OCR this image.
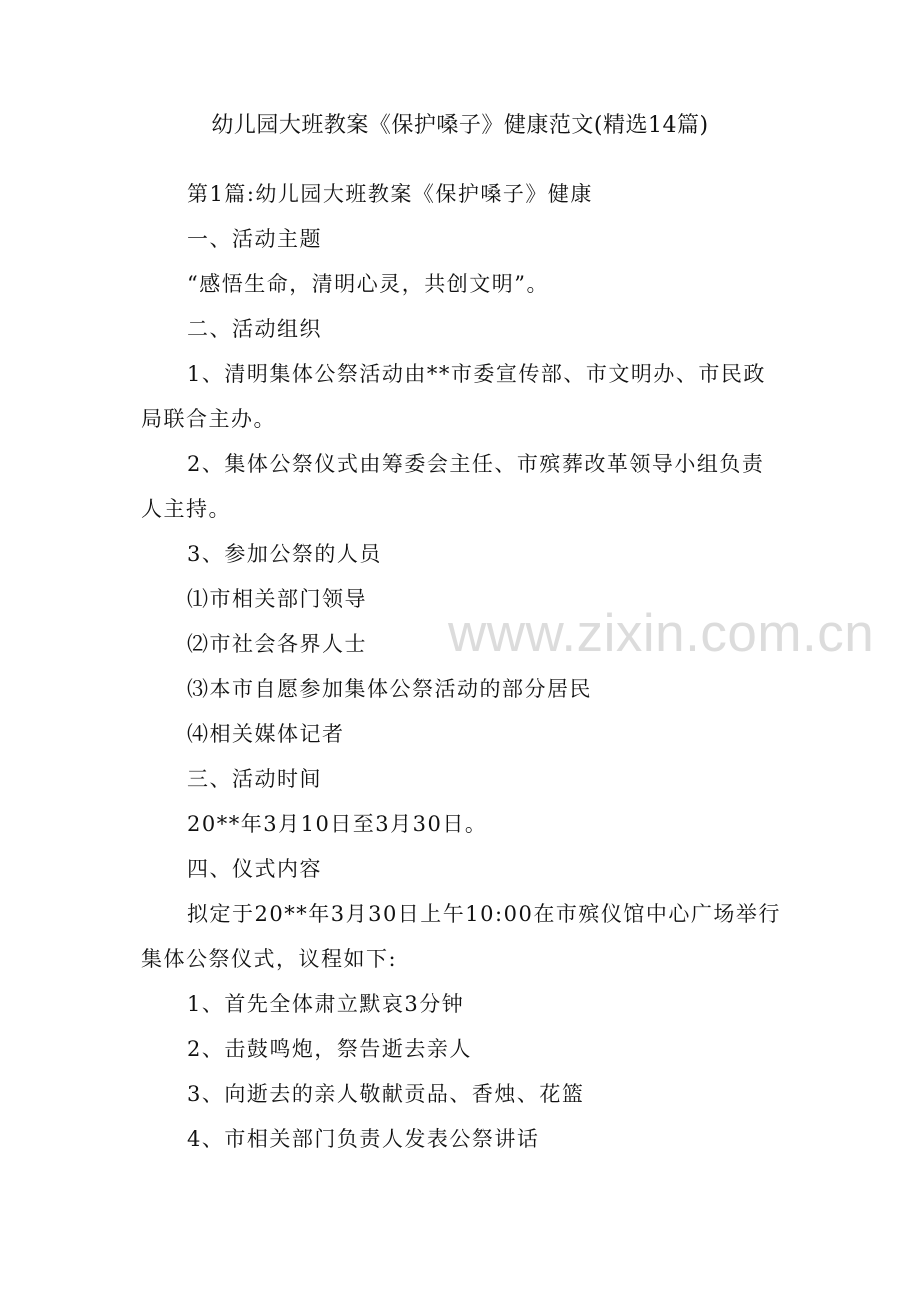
幼儿园大班教案《保护嗓子》健康范文(精选14篇)

第1篇:幼儿园大班教案《保护嗓子》健康

一、活动主题

“感悟生命，清明心灵，共创文明”。

二、活动组织

1、清明集体公祭活动由**市委宣传部、市文明办、市民政局联合主办。

2、集体公祭仪式由筹委会主任、市殡葬改革领导小组负责人主持。

3、参加公祭的人员

⑴市相关部门领导

⑵市社会各界人士

⑶本市自愿参加集体公祭活动的部分居民

⑷相关媒体记者

三、活动时间

20**年3月10日至3月30日。

四、仪式内容

拟定于20**年3月30日上午10:00在市殡仪馆中心广场举行集体公祭仪式，议程如下:

1、首先全体肃立默哀3分钟

2、击鼓鸣炮，祭告逝去亲人

3、向逝去的亲人敬献贡品、香烛、花篮

4、市相关部门负责人发表公祭讲话

www.zixin.com.cn
